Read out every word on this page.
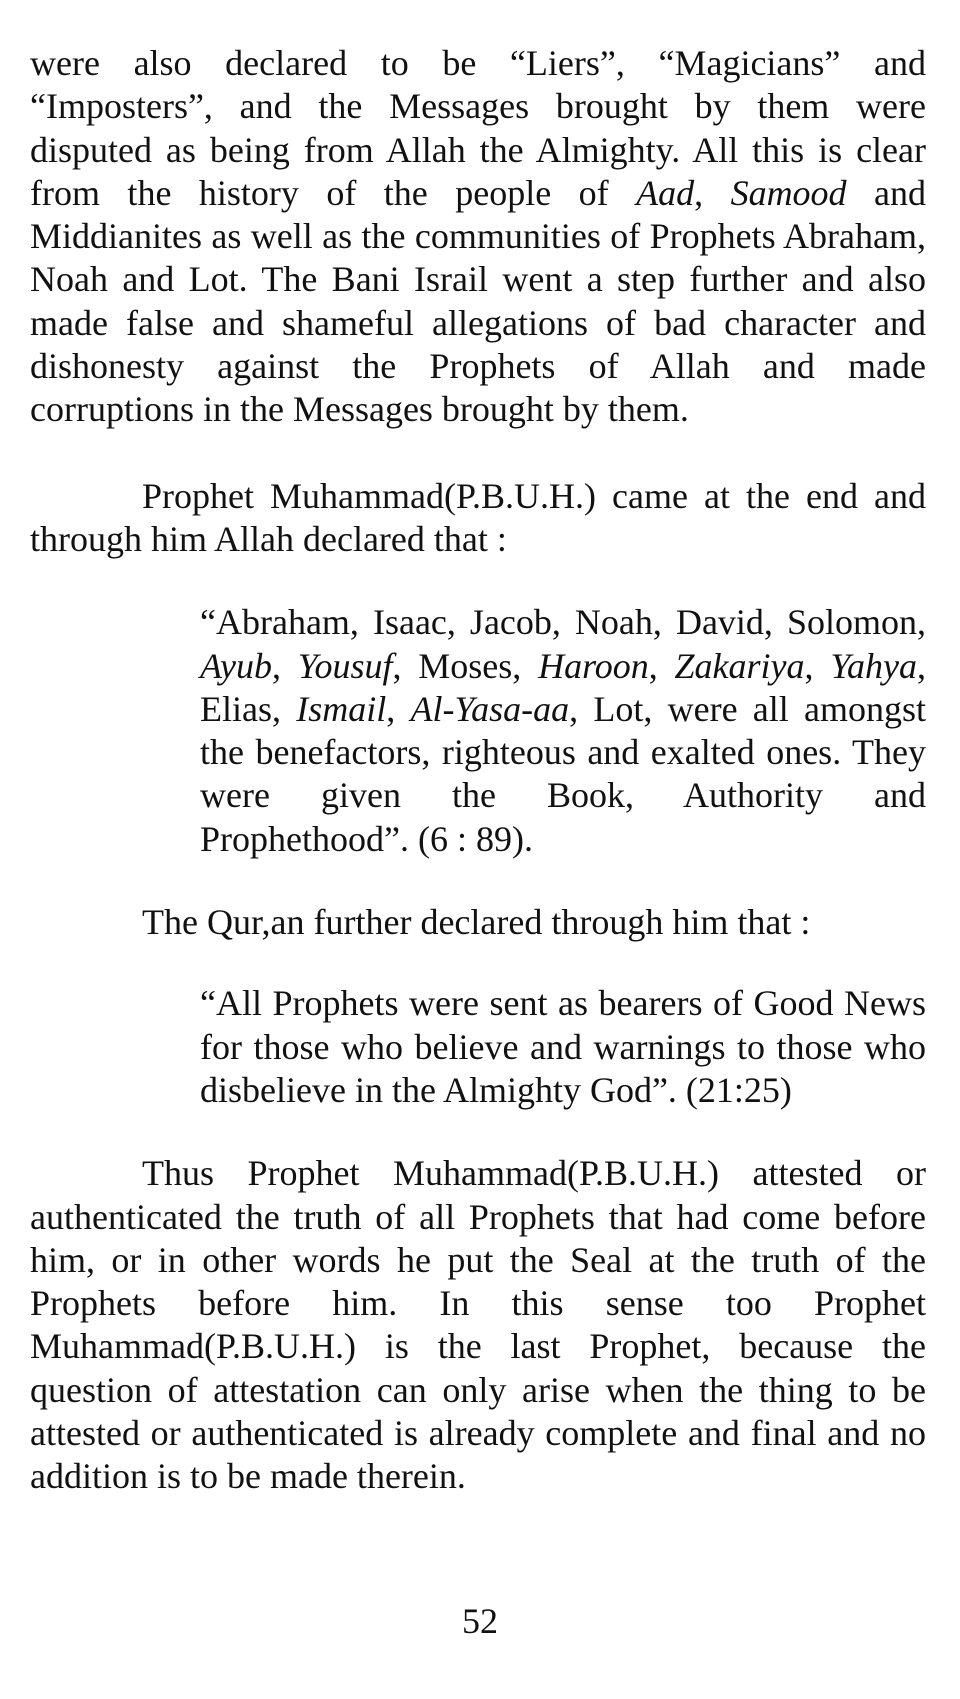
were also declared to be “Liers”, “Magicians” and “Imposters”, and the Messages brought by them were disputed as being from Allah the Almighty. All this is clear from the history of the people of Aad, Samood and Middianites as well as the communities of Prophets Abraham, Noah and Lot. The Bani Israil went a step further and also made false and shameful allegations of bad character and dishonesty against the Prophets of Allah and made corruptions in the Messages brought by them.

Prophet Muhammad(P.B.U.H.) came at the end and through him Allah declared that :

“Abraham, Isaac, Jacob, Noah, David, Solomon, Ayub, Yousuf, Moses, Haroon, Zakariya, Yahya, Elias, Ismail, Al-Yasa-aa, Lot, were all amongst the benefactors, righteous and exalted ones. They were given the Book, Authority and Prophethood”. (6 : 89).

The Qur,an further declared through him that :

“All Prophets were sent as bearers of Good News for those who believe and warnings to those who disbelieve in the Almighty God”. (21:25)

Thus Prophet Muhammad(P.B.U.H.) attested or authenticated the truth of all Prophets that had come before him, or in other words he put the Seal at the truth of the Prophets before him. In this sense too Prophet Muhammad(P.B.U.H.) is the last Prophet, because the question of attestation can only arise when the thing to be attested or authenticated is already complete and final and no addition is to be made therein.

52
